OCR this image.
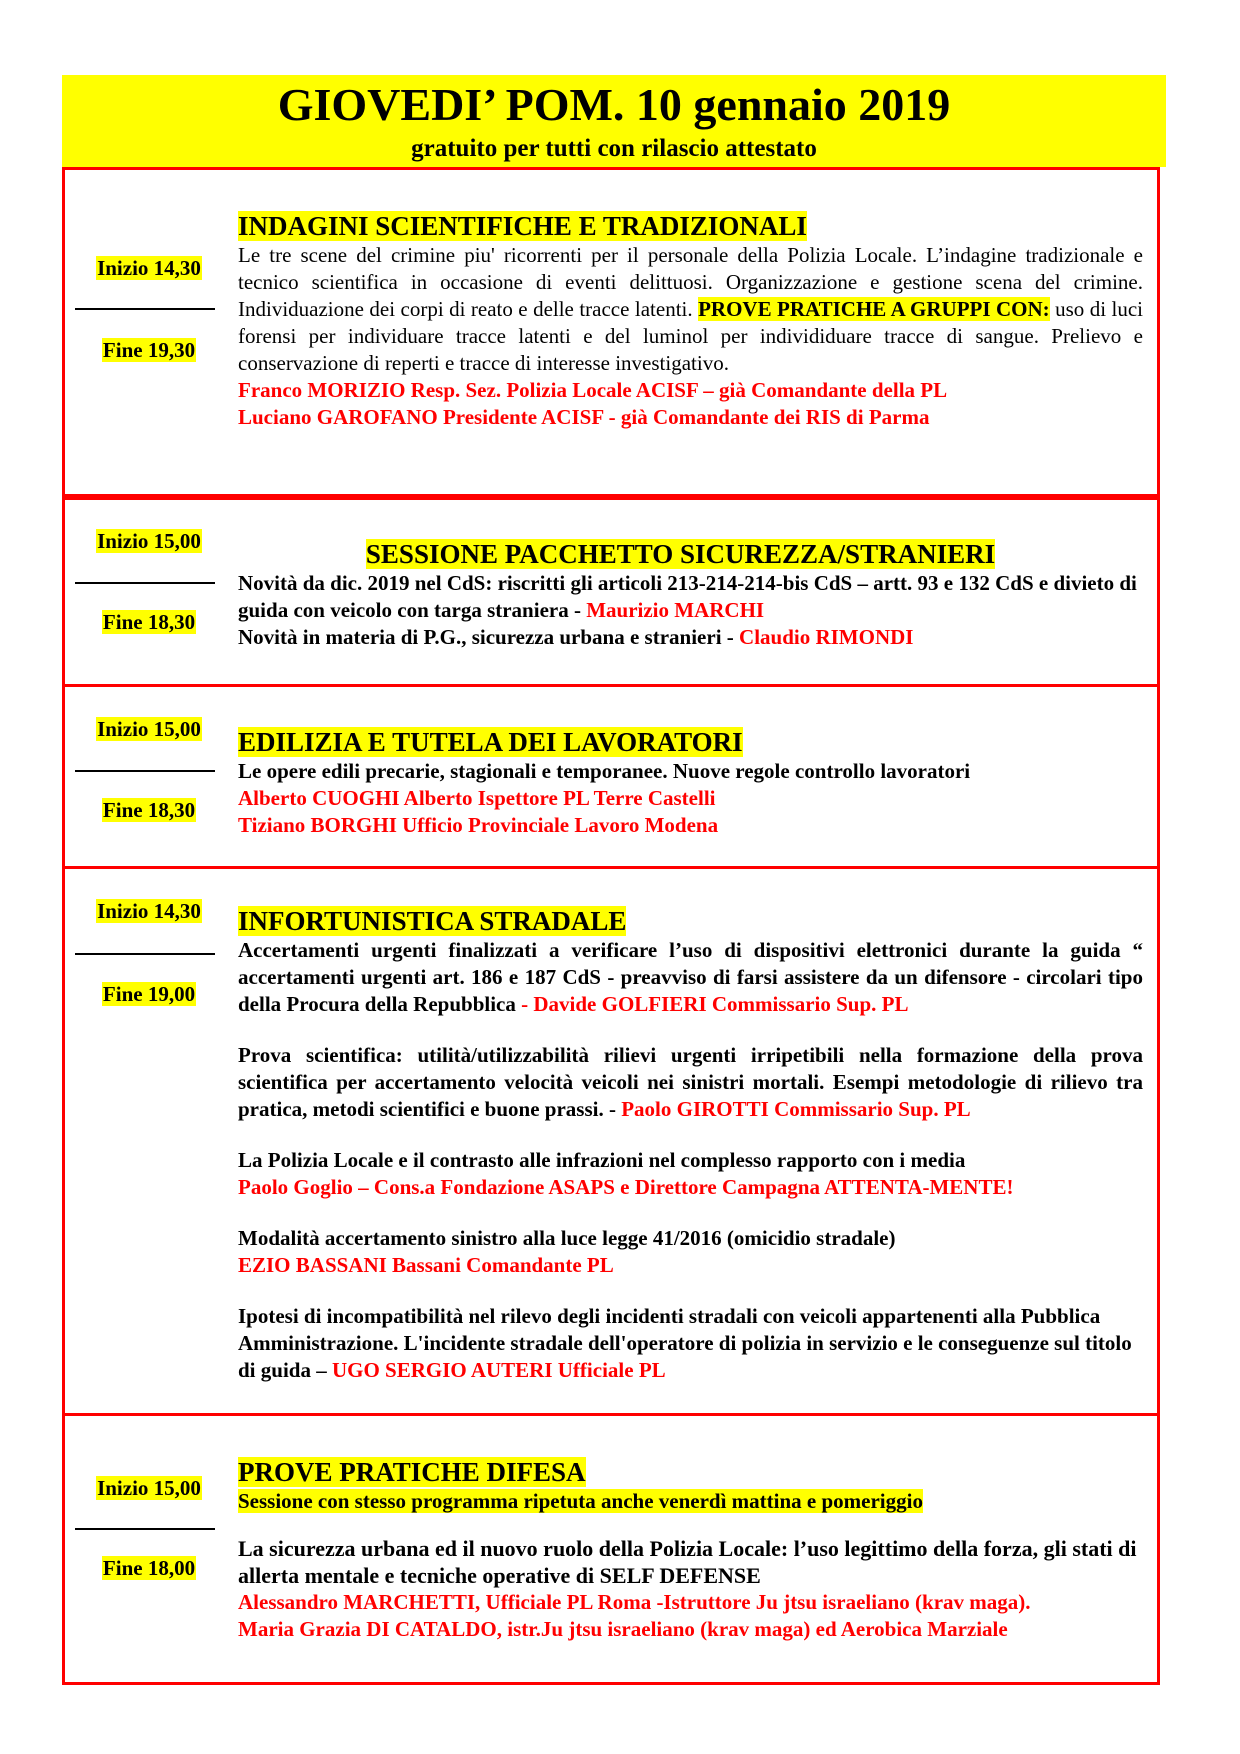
GIOVEDI’ POM. 10 gennaio 2019
gratuito per tutti con rilascio attestato
Inizio 14,30
Fine 19,30
INDAGINI SCIENTIFICHE E TRADIZIONALI
Le tre scene del crimine piu' ricorrenti per il personale della Polizia Locale. L’indagine tradizionale e tecnico scientifica in occasione di eventi delittuosi. Organizzazione e gestione scena del crimine. Individuazione dei corpi di reato e delle tracce latenti. PROVE PRATICHE A GRUPPI CON: uso di luci forensi per individuare tracce latenti e del luminol per individiduare tracce di sangue. Prelievo e conservazione di reperti e tracce di interesse investigativo.
Franco MORIZIO Resp. Sez. Polizia Locale ACISF – già Comandante della PL
Luciano GAROFANO Presidente ACISF - già Comandante dei RIS di Parma
Inizio 15,00
Fine 18,30
SESSIONE PACCHETTO SICUREZZA/STRANIERI
Novità da dic. 2019 nel CdS: riscritti gli articoli 213-214-214-bis CdS – artt. 93 e 132 CdS e divieto di guida con veicolo con targa straniera - Maurizio MARCHI
Novità in materia di P.G., sicurezza urbana e stranieri - Claudio RIMONDI
Inizio 15,00
Fine 18,30
EDILIZIA E TUTELA DEI LAVORATORI
Le opere edili precarie, stagionali e temporanee. Nuove regole controllo lavoratori
Alberto CUOGHI Alberto Ispettore PL Terre Castelli
Tiziano BORGHI Ufficio Provinciale Lavoro Modena
Inizio 14,30
Fine 19,00
INFORTUNISTICA STRADALE
Accertamenti urgenti finalizzati a verificare l’uso di dispositivi elettronici durante la guida “ accertamenti urgenti art. 186 e 187 CdS - preavviso di farsi assistere da un difensore - circolari tipo della Procura della Repubblica - Davide GOLFIERI Commissario Sup. PL
Prova scientifica: utilità/utilizzabilità rilievi urgenti irripetibili nella formazione della prova scientifica per accertamento velocità veicoli nei sinistri mortali. Esempi metodologie di rilievo tra pratica, metodi scientifici e buone prassi. - Paolo GIROTTI Commissario Sup. PL
La Polizia Locale e il contrasto alle infrazioni nel complesso rapporto con i media
Paolo Goglio – Cons.a Fondazione ASAPS e Direttore Campagna ATTENTA-MENTE!
Modalità accertamento sinistro alla luce legge 41/2016 (omicidio stradale)
EZIO BASSANI Bassani Comandante PL
Ipotesi di incompatibilità nel rilevo degli incidenti stradali con veicoli appartenenti alla Pubblica Amministrazione. L'incidente stradale dell'operatore di polizia in servizio e le conseguenze sul titolo di guida – UGO SERGIO AUTERI Ufficiale PL
Inizio 15,00
Fine 18,00
PROVE PRATICHE DIFESA
Sessione con stesso programma ripetuta anche venerdì mattina e pomeriggio
La sicurezza urbana ed il nuovo ruolo della Polizia Locale: l’uso legittimo della forza, gli stati di allerta mentale e tecniche operative di SELF DEFENSE
Alessandro MARCHETTI, Ufficiale PL Roma -Istruttore Ju jtsu israeliano (krav maga).
Maria Grazia DI CATALDO, istr.Ju jtsu israeliano (krav maga) ed Aerobica Marziale
